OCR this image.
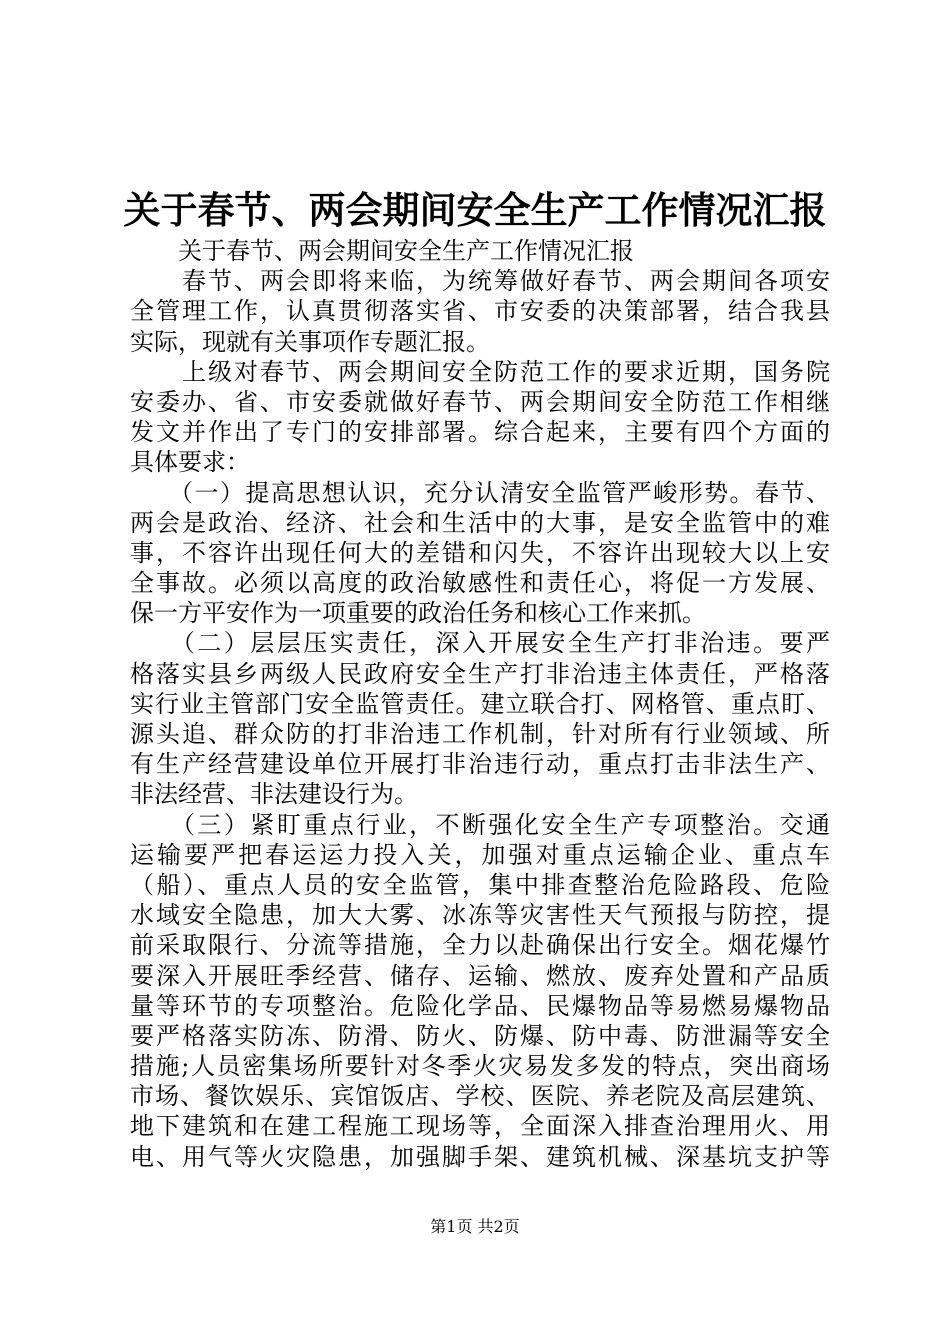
关于春节、两会期间安全生产工作情况汇报
　　关于春节、两会期间安全生产工作情况汇报
　　春节、两会即将来临，为统筹做好春节、两会期间各项安
全管理工作，认真贯彻落实省、市安委的决策部署，结合我县
实际，现就有关事项作专题汇报。
　　上级对春节、两会期间安全防范工作的要求近期，国务院
安委办、省、市安委就做好春节、两会期间安全防范工作相继
发文并作出了专门的安排部署。综合起来，主要有四个方面的
具体要求：
　　（一）提高思想认识，充分认清安全监管严峻形势。春节、
两会是政治、经济、社会和生活中的大事，是安全监管中的难
事，不容许出现任何大的差错和闪失，不容许出现较大以上安
全事故。必须以高度的政治敏感性和责任心，将促一方发展、
保一方平安作为一项重要的政治任务和核心工作来抓。
　　（二）层层压实责任，深入开展安全生产打非治违。要严
格落实县乡两级人民政府安全生产打非治违主体责任，严格落
实行业主管部门安全监管责任。建立联合打、网格管、重点盯、
源头追、群众防的打非治违工作机制，针对所有行业领域、所
有生产经营建设单位开展打非治违行动，重点打击非法生产、
非法经营、非法建设行为。
　　（三）紧盯重点行业，不断强化安全生产专项整治。交通
运输要严把春运运力投入关，加强对重点运输企业、重点车
（船）、重点人员的安全监管，集中排查整治危险路段、危险
水域安全隐患，加大大雾、冰冻等灾害性天气预报与防控，提
前采取限行、分流等措施，全力以赴确保出行安全。烟花爆竹
要深入开展旺季经营、储存、运输、燃放、废弃处置和产品质
量等环节的专项整治。危险化学品、民爆物品等易燃易爆物品
要严格落实防冻、防滑、防火、防爆、防中毒、防泄漏等安全
措施;人员密集场所要针对冬季火灾易发多发的特点，突出商场
市场、餐饮娱乐、宾馆饭店、学校、医院、养老院及高层建筑、
地下建筑和在建工程施工现场等，全面深入排查治理用火、用
电、用气等火灾隐患，加强脚手架、建筑机械、深基坑支护等
第1页 共2页
